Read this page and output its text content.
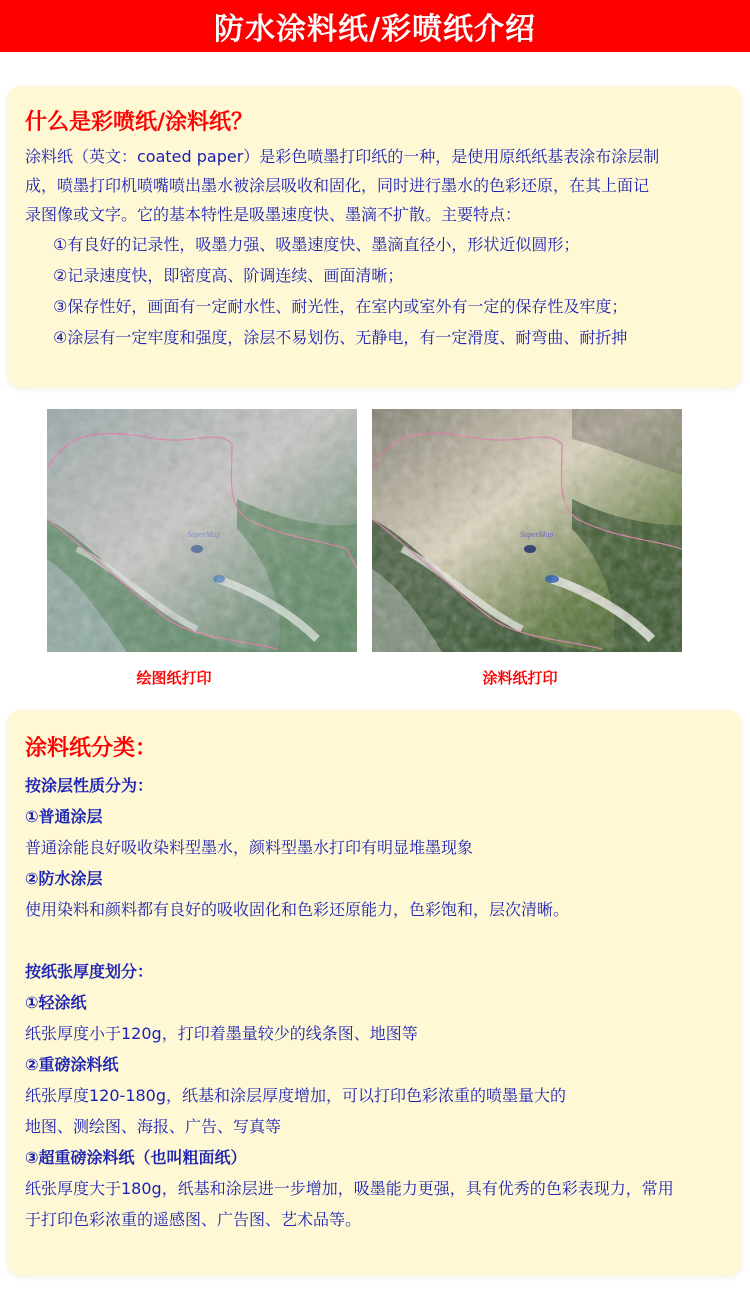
防水涂料纸/彩喷纸介绍
什么是彩喷纸/涂料纸？
涂料纸（英文：coated paper）是彩色喷墨打印纸的一种，是使用原纸纸基表涂布涂层制
成，喷墨打印机喷嘴喷出墨水被涂层吸收和固化，同时进行墨水的色彩还原，在其上面记
录图像或文字。它的基本特性是吸墨速度快、墨滴不扩散。主要特点：
①有良好的记录性，吸墨力强、吸墨速度快、墨滴直径小，形状近似圆形；
②记录速度快，即密度高、阶调连续、画面清晰；
③保存性好，画面有一定耐水性、耐光性，在室内或室外有一定的保存性及牢度；
④涂层有一定牢度和强度，涂层不易划伤、无静电，有一定滑度、耐弯曲、耐折抻
SuperMap	SuperMap
绘图纸打印	涂料纸打印
涂料纸分类：
按涂层性质分为：
①普通涂层
普通涂能良好吸收染料型墨水，颜料型墨水打印有明显堆墨现象
②防水涂层
使用染料和颜料都有良好的吸收固化和色彩还原能力，色彩饱和，层次清晰。
按纸张厚度划分：
①轻涂纸
纸张厚度小于120g，打印着墨量较少的线条图、地图等
②重磅涂料纸
纸张厚度120-180g，纸基和涂层厚度增加，可以打印色彩浓重的喷墨量大的
地图、测绘图、海报、广告、写真等
③超重磅涂料纸（也叫粗面纸）
纸张厚度大于180g，纸基和涂层进一步增加，吸墨能力更强，具有优秀的色彩表现力，常用
于打印色彩浓重的遥感图、广告图、艺术品等。
